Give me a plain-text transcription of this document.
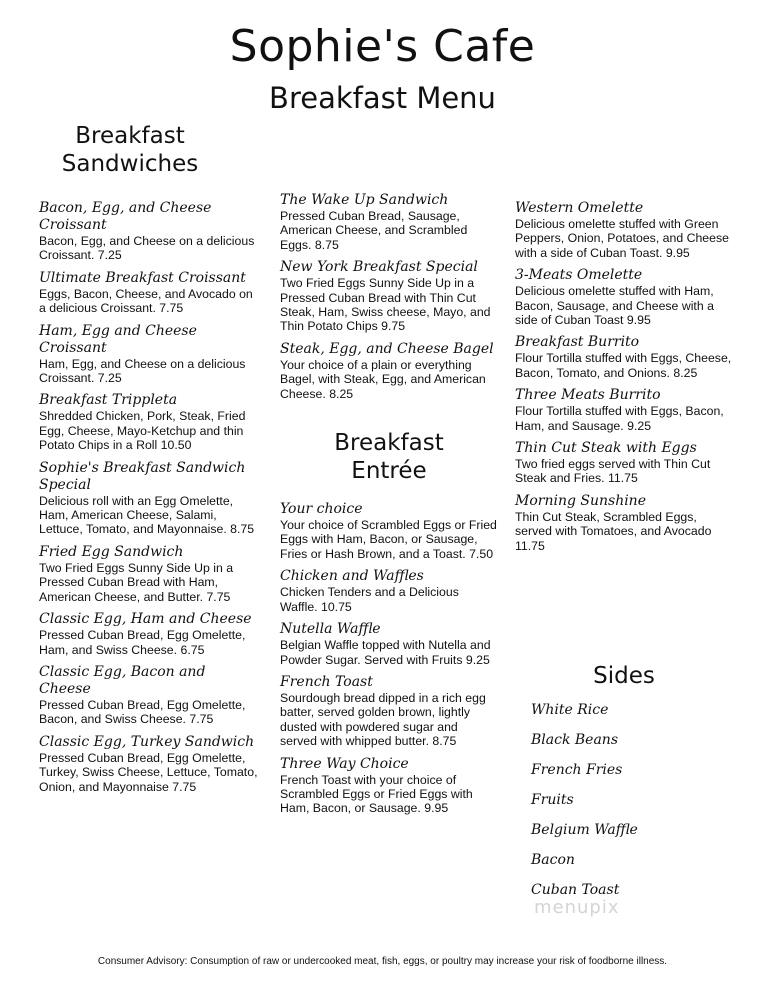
Sophie's Cafe
Breakfast Menu
Breakfast
Sandwiches
Bacon, Egg, and Cheese Croissant
Bacon, Egg, and Cheese on a delicious Croissant. 7.25
Ultimate Breakfast Croissant
Eggs, Bacon, Cheese, and Avocado on a delicious Croissant. 7.75
Ham, Egg and Cheese Croissant
Ham, Egg, and Cheese on a delicious Croissant. 7.25
Breakfast Trippleta
Shredded Chicken, Pork, Steak, Fried Egg, Cheese, Mayo-Ketchup and thin Potato Chips in a Roll 10.50
Sophie's Breakfast Sandwich Special
Delicious roll with an Egg Omelette, Ham, American Cheese, Salami, Lettuce, Tomato, and Mayonnaise. 8.75
Fried Egg Sandwich
Two Fried Eggs Sunny Side Up in a Pressed Cuban Bread with Ham, American Cheese, and Butter. 7.75
Classic Egg, Ham and Cheese
Pressed Cuban Bread, Egg Omelette, Ham, and Swiss Cheese. 6.75
Classic Egg, Bacon and Cheese
Pressed Cuban Bread, Egg Omelette, Bacon, and Swiss Cheese. 7.75
Classic Egg, Turkey Sandwich
Pressed Cuban Bread, Egg Omelette, Turkey, Swiss Cheese, Lettuce, Tomato, Onion, and Mayonnaise 7.75
The Wake Up Sandwich
Pressed Cuban Bread, Sausage, American Cheese, and Scrambled Eggs. 8.75
New York Breakfast Special
Two Fried Eggs Sunny Side Up in a Pressed Cuban Bread with Thin Cut Steak, Ham, Swiss cheese, Mayo, and Thin Potato Chips 9.75
Steak, Egg, and Cheese Bagel
Your choice of a plain or everything Bagel, with Steak, Egg, and American Cheese. 8.25
Breakfast
Entrée
Your choice
Your choice of Scrambled Eggs or Fried Eggs with Ham, Bacon, or Sausage, Fries or Hash Brown, and a Toast. 7.50
Chicken and Waffles
Chicken Tenders and a Delicious Waffle. 10.75
Nutella Waffle
Belgian Waffle topped with Nutella and Powder Sugar. Served with Fruits 9.25
French Toast
Sourdough bread dipped in a rich egg batter, served golden brown, lightly dusted with powdered sugar and served with whipped butter. 8.75
Three Way Choice
French Toast with your choice of Scrambled Eggs or Fried Eggs with Ham, Bacon, or Sausage. 9.95
Western Omelette
Delicious omelette stuffed with Green Peppers, Onion, Potatoes, and Cheese with a side of Cuban Toast. 9.95
3-Meats Omelette
Delicious omelette stuffed with Ham, Bacon, Sausage, and Cheese with a side of Cuban Toast 9.95
Breakfast Burrito
Flour Tortilla stuffed with Eggs, Cheese, Bacon, Tomato, and Onions. 8.25
Three Meats Burrito
Flour Tortilla stuffed with Eggs, Bacon, Ham, and Sausage. 9.25
Thin Cut Steak with Eggs
Two fried eggs served with Thin Cut Steak and Fries. 11.75
Morning Sunshine
Thin Cut Steak, Scrambled Eggs, served with Tomatoes, and Avocado 11.75
Sides
White Rice
Black Beans
French Fries
Fruits
Belgium Waffle
Bacon
Cuban Toast
menupix
Consumer Advisory: Consumption of raw or undercooked meat, fish, eggs, or poultry may increase your risk of foodborne illness.
